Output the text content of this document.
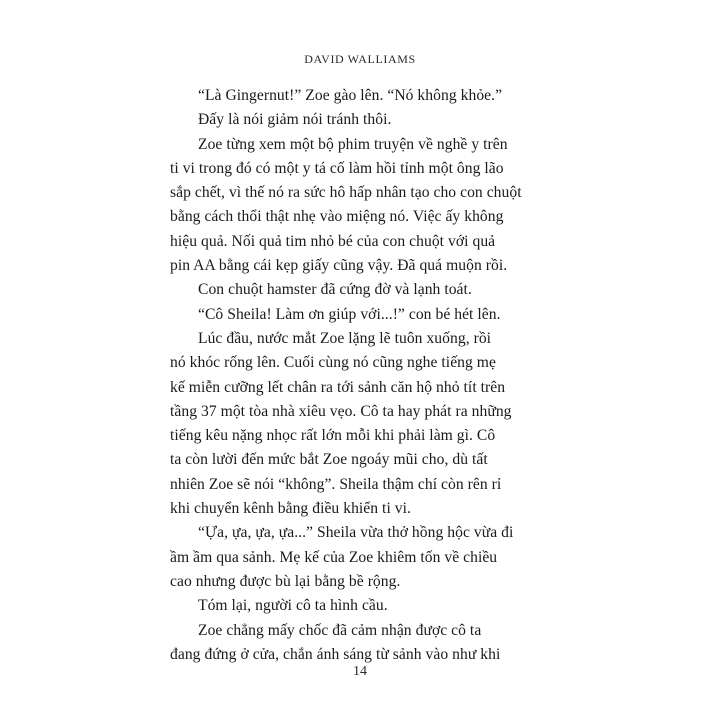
DAVID WALLIAMS
“Là Gingernut!” Zoe gào lên. “Nó không khỏe.”
Đấy là nói giảm nói tránh thôi.
Zoe từng xem một bộ phim truyện về nghề y trên
ti vi trong đó có một y tá cố làm hồi tỉnh một ông lão
sắp chết, vì thế nó ra sức hô hấp nhân tạo cho con chuột
bằng cách thổi thật nhẹ vào miệng nó. Việc ấy không
hiệu quả. Nối quả tim nhỏ bé của con chuột với quả
pin AA bằng cái kẹp giấy cũng vậy. Đã quá muộn rồi.
Con chuột hamster đã cứng đờ và lạnh toát.
“Cô Sheila! Làm ơn giúp với...!” con bé hét lên.
Lúc đầu, nước mắt Zoe lặng lẽ tuôn xuống, rồi
nó khóc rống lên. Cuối cùng nó cũng nghe tiếng mẹ
kế miễn cưỡng lết chân ra tới sảnh căn hộ nhỏ tít trên
tầng 37 một tòa nhà xiêu vẹo. Cô ta hay phát ra những
tiếng kêu nặng nhọc rất lớn mỗi khi phải làm gì. Cô
ta còn lười đến mức bắt Zoe ngoáy mũi cho, dù tất
nhiên Zoe sẽ nói “không”. Sheila thậm chí còn rên rỉ
khi chuyển kênh bằng điều khiển ti vi.
“Ựa, ựa, ựa, ựa...” Sheila vừa thở hồng hộc vừa đi
ầm ầm qua sảnh. Mẹ kế của Zoe khiêm tốn về chiều
cao nhưng được bù lại bằng bề rộng.
Tóm lại, người cô ta hình cầu.
Zoe chẳng mấy chốc đã cảm nhận được cô ta
đang đứng ở cửa, chắn ánh sáng từ sảnh vào như khi
14
